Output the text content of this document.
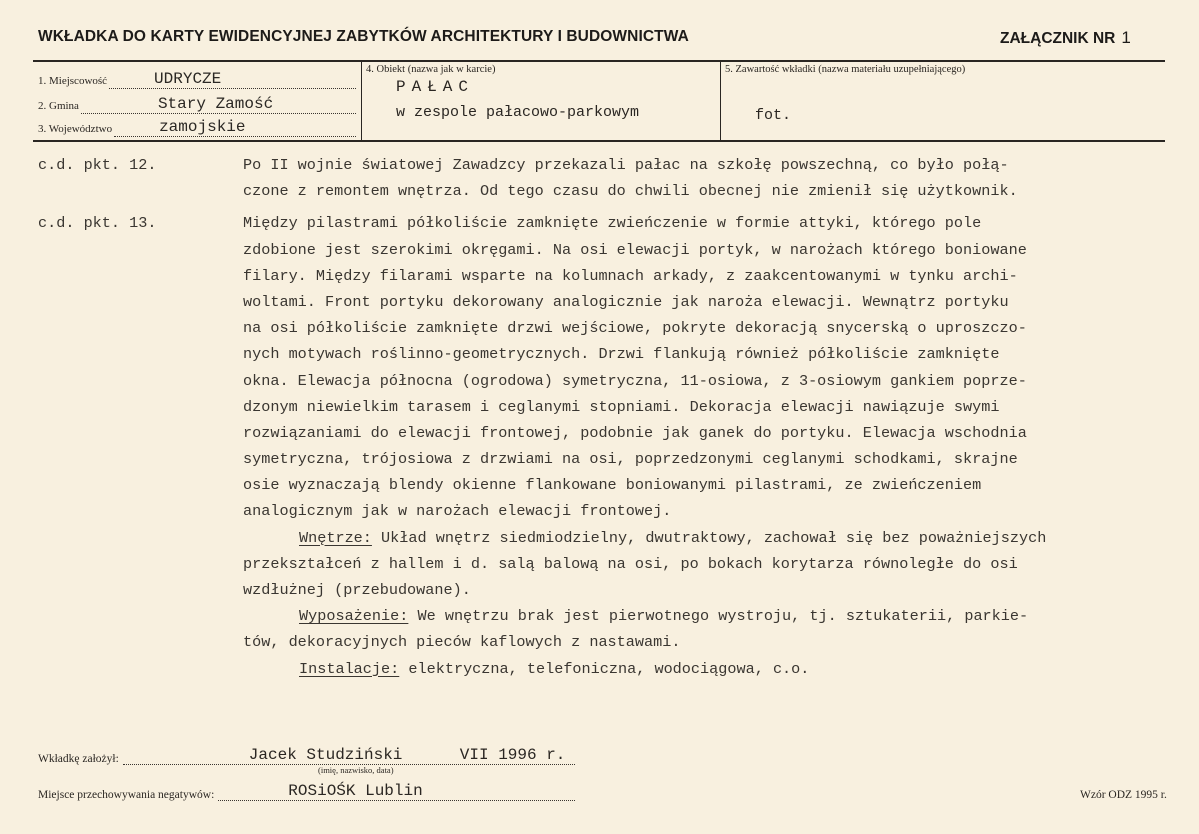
WKŁADKA DO KARTY EWIDENCYJNEJ ZABYTKÓW ARCHITEKTURY I BUDOWNICTWA	ZAŁĄCZNIK NR 1
1. Miejscowość	UDRYCZE
2. Gmina	Stary Zamość
3. Województwo	zamojskie
4. Obiekt (nazwa jak w karcie)
PAŁAC
w zespole pałacowo-parkowym
5. Zawartość wkładki (nazwa materiału uzupełniającego)
fot.
c.d. pkt. 12.	Po II wojnie światowej Zawadzcy przekazali pałac na szkołę powszechną, co było połą-
czone z remontem wnętrza. Od tego czasu do chwili obecnej nie zmienił się użytkownik.
c.d. pkt. 13.	Między pilastrami półkoliście zamknięte zwieńczenie w formie attyki, którego pole
zdobione jest szerokimi okręgami. Na osi elewacji portyk, w narożach którego boniowane
filary. Między filarami wsparte na kolumnach arkady, z zaakcentowanymi w tynku archi-
woltami. Front portyku dekorowany analogicznie jak naroża elewacji. Wewnątrz portyku
na osi półkoliście zamknięte drzwi wejściowe, pokryte dekoracją snycerską o uproszczo-
nych motywach roślinno-geometrycznych. Drzwi flankują również półkoliście zamknięte
okna. Elewacja północna (ogrodowa) symetryczna, 11-osiowa, z 3-osiowym gankiem poprze-
dzonym niewielkim tarasem i ceglanymi stopniami. Dekoracja elewacji nawiązuje swymi
rozwiązaniami do elewacji frontowej, podobnie jak ganek do portyku. Elewacja wschodnia
symetryczna, trójosiowa z drzwiami na osi, poprzedzonymi ceglanymi schodkami, skrajne
osie wyznaczają blendy okienne flankowane boniowanymi pilastrami, ze zwieńczeniem
analogicznym jak w narożach elewacji frontowej.
Wnętrze: Układ wnętrz siedmiodzielny, dwutraktowy, zachował się bez poważniejszych
przekształceń z hallem i d. salą balową na osi, po bokach korytarza równoległe do osi
wzdłużnej (przebudowane).
Wyposażenie: We wnętrzu brak jest pierwotnego wystroju, tj. sztukaterii, parkie-
tów, dekoracyjnych pieców kaflowych z nastawami.
Instalacje: elektryczna, telefoniczna, wodociągowa, c.o.
Wkładkę założył:	Jacek Studziński	VII 1996 r.
(imię, nazwisko, data)
Miejsce przechowywania negatywów:	ROSiOŚK Lublin	Wzór ODZ 1995 r.
